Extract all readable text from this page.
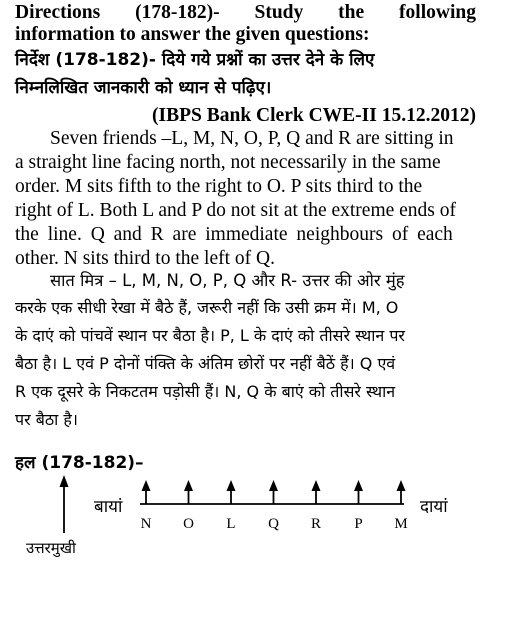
Directions (178-182)- Study the following
information to answer the given questions:
निर्देश (178-182)- दिये गये प्रश्नों का उत्तर देने के लिए
निम्नलिखित जानकारी को ध्यान से पढ़िए।
(IBPS Bank Clerk CWE-II 15.12.2012)
Seven friends –L, M, N, O, P, Q and R are sitting in
a straight line facing north, not necessarily in the same
order. M sits fifth to the right to O. P sits third to the
right of L. Both L and P do not sit at the extreme ends of
the line. Q and R are immediate neighbours of each
other. N sits third to the left of Q.
सात मित्र – L, M, N, O, P, Q और R- उत्तर की ओर मुंह
करके एक सीधी रेखा में बैठे हैं, जरूरी नहीं कि उसी क्रम में। M, O
के दाएं को पांचवें स्थान पर बैठा है। P, L के दाएं को तीसरे स्थान पर
बैठा है। L एवं P दोनों पंक्ति के अंतिम छोरों पर नहीं बैठें हैं। Q एवं
R एक दूसरे के निकटतम पड़ोसी हैं। N, Q के बाएं को तीसरे स्थान
पर बैठा है।
हल (178-182)–
N O L Q R P M
बायां	दायां
उत्तरमुखी
